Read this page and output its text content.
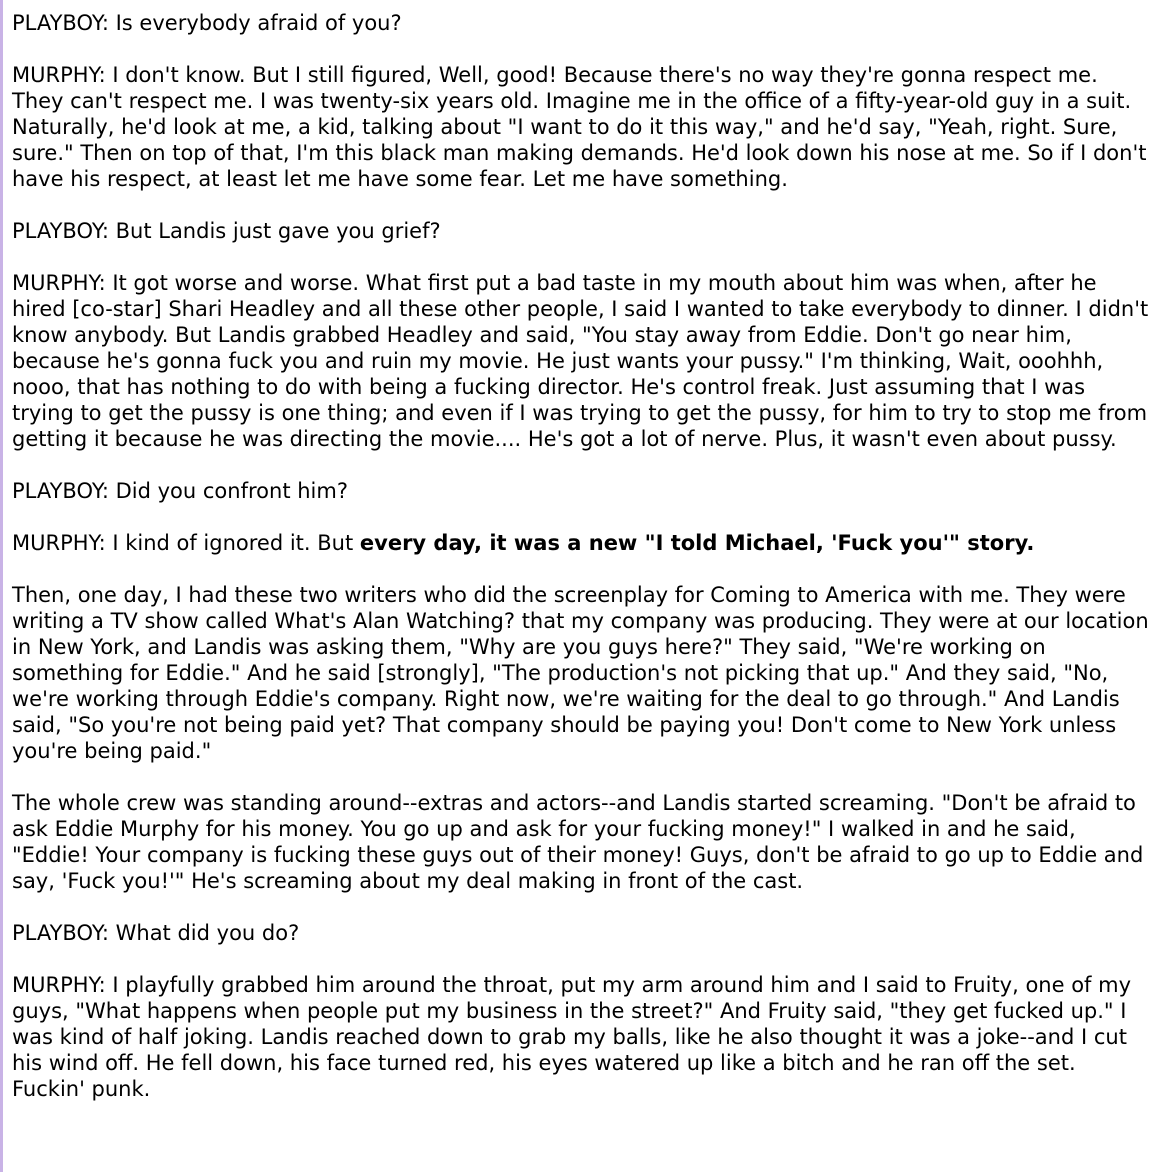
PLAYBOY: Is everybody afraid of you?

MURPHY: I don't know. But I still figured, Well, good! Because there's no way they're gonna respect me. They can't respect me. I was twenty-six years old. Imagine me in the office of a fifty-year-old guy in a suit. Naturally, he'd look at me, a kid, talking about "I want to do it this way," and he'd say, "Yeah, right. Sure, sure." Then on top of that, I'm this black man making demands. He'd look down his nose at me. So if I don't have his respect, at least let me have some fear. Let me have something.

PLAYBOY: But Landis just gave you grief?

MURPHY: It got worse and worse. What first put a bad taste in my mouth about him was when, after he hired [co-star] Shari Headley and all these other people, I said I wanted to take everybody to dinner. I didn't know anybody. But Landis grabbed Headley and said, "You stay away from Eddie. Don't go near him, because he's gonna fuck you and ruin my movie. He just wants your pussy." I'm thinking, Wait, ooohhh, nooo, that has nothing to do with being a fucking director. He's control freak. Just assuming that I was trying to get the pussy is one thing; and even if I was trying to get the pussy, for him to try to stop me from getting it because he was directing the movie.... He's got a lot of nerve. Plus, it wasn't even about pussy.

PLAYBOY: Did you confront him?

MURPHY: I kind of ignored it. But every day, it was a new "I told Michael, 'Fuck you'" story.

Then, one day, I had these two writers who did the screenplay for Coming to America with me. They were writing a TV show called What's Alan Watching? that my company was producing. They were at our location in New York, and Landis was asking them, "Why are you guys here?" They said, "We're working on something for Eddie." And he said [strongly], "The production's not picking that up." And they said, "No, we're working through Eddie's company. Right now, we're waiting for the deal to go through." And Landis said, "So you're not being paid yet? That company should be paying you! Don't come to New York unless you're being paid."

The whole crew was standing around--extras and actors--and Landis started screaming. "Don't be afraid to ask Eddie Murphy for his money. You go up and ask for your fucking money!" I walked in and he said, "Eddie! Your company is fucking these guys out of their money! Guys, don't be afraid to go up to Eddie and say, 'Fuck you!'" He's screaming about my deal making in front of the cast.

PLAYBOY: What did you do?

MURPHY: I playfully grabbed him around the throat, put my arm around him and I said to Fruity, one of my guys, "What happens when people put my business in the street?" And Fruity said, "they get fucked up." I was kind of half joking. Landis reached down to grab my balls, like he also thought it was a joke--and I cut his wind off. He fell down, his face turned red, his eyes watered up like a bitch and he ran off the set. Fuckin' punk.
